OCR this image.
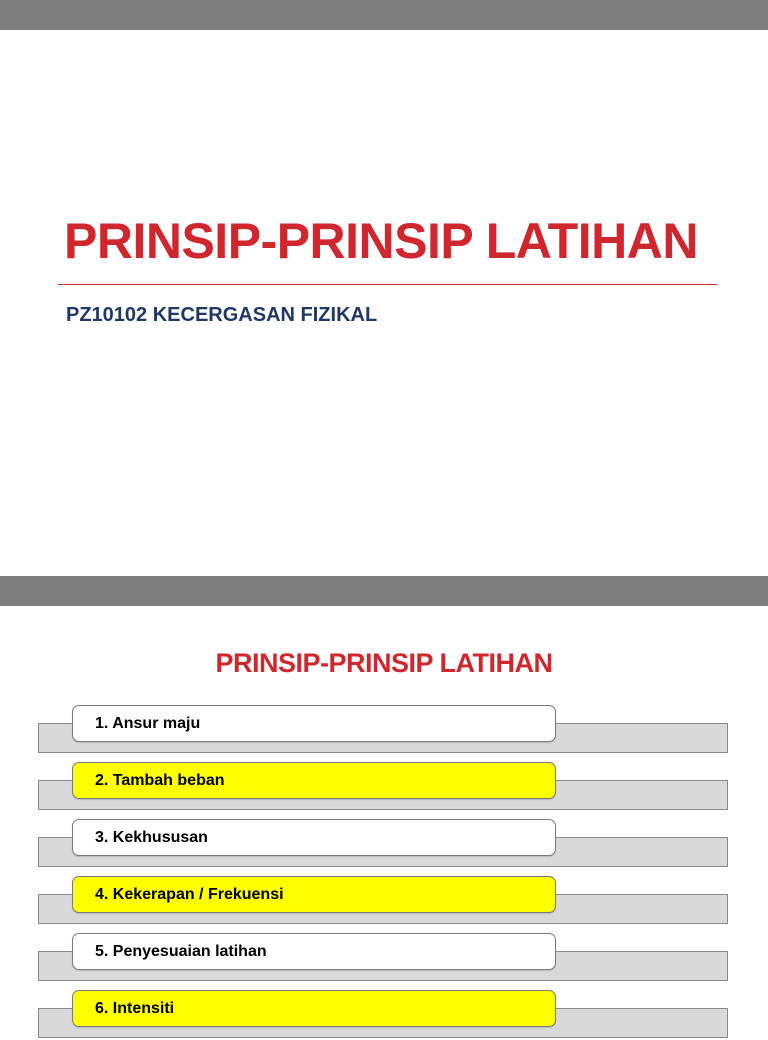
PRINSIP-PRINSIP LATIHAN
PZ10102 KECERGASAN FIZIKAL
PRINSIP-PRINSIP LATIHAN
1. Ansur maju
2. Tambah beban
3. Kekhususan
4. Kekerapan / Frekuensi
5. Penyesuaian latihan
6. Intensiti
